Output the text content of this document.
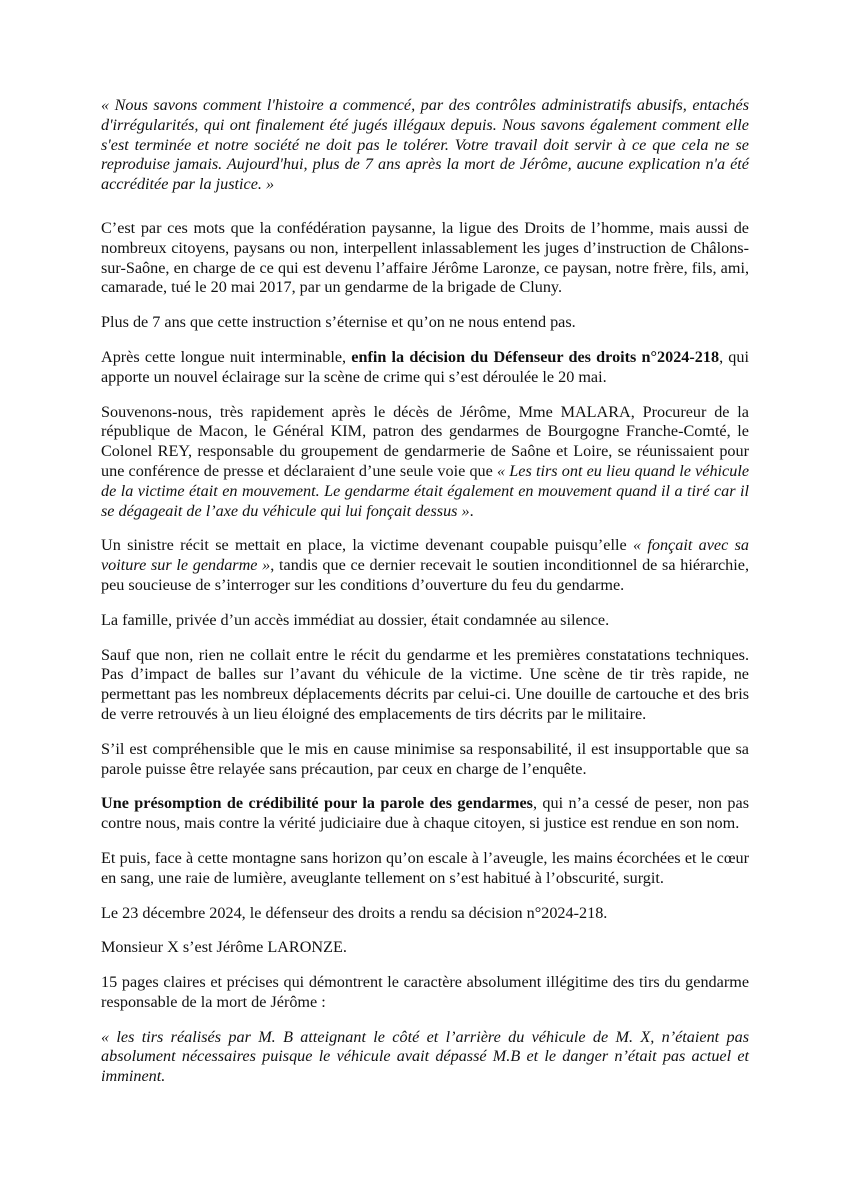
« Nous savons comment l'histoire a commencé, par des contrôles administratifs abusifs, entachés d'irrégularités, qui ont finalement été jugés illégaux depuis. Nous savons également comment elle s'est terminée et notre société ne doit pas le tolérer. Votre travail doit servir à ce que cela ne se reproduise jamais. Aujourd'hui, plus de 7 ans après la mort de Jérôme, aucune explication n'a été accréditée par la justice. »

C’est par ces mots que la confédération paysanne, la ligue des Droits de l’homme, mais aussi de nombreux citoyens, paysans ou non, interpellent inlassablement les juges d’instruction de Châlons-sur-Saône, en charge de ce qui est devenu l’affaire Jérôme Laronze, ce paysan, notre frère, fils, ami, camarade, tué le 20 mai 2017, par un gendarme de la brigade de Cluny.

Plus de 7 ans que cette instruction s’éternise et qu’on ne nous entend pas.

Après cette longue nuit interminable, enfin la décision du Défenseur des droits n°2024-218, qui apporte un nouvel éclairage sur la scène de crime qui s’est déroulée le 20 mai.

Souvenons-nous, très rapidement après le décès de Jérôme, Mme MALARA, Procureur de la république de Macon, le Général KIM, patron des gendarmes de Bourgogne Franche-Comté, le Colonel REY, responsable du groupement de gendarmerie de Saône et Loire, se réunissaient pour une conférence de presse et déclaraient d’une seule voie que « Les tirs ont eu lieu quand le véhicule de la victime était en mouvement. Le gendarme était également en mouvement quand il a tiré car il se dégageait de l’axe du véhicule qui lui fonçait dessus ».

Un sinistre récit se mettait en place, la victime devenant coupable puisqu’elle « fonçait avec sa voiture sur le gendarme », tandis que ce dernier recevait le soutien inconditionnel de sa hiérarchie, peu soucieuse de s’interroger sur les conditions d’ouverture du feu du gendarme.

La famille, privée d’un accès immédiat au dossier, était condamnée au silence.

Sauf que non, rien ne collait entre le récit du gendarme et les premières constatations techniques. Pas d’impact de balles sur l’avant du véhicule de la victime. Une scène de tir très rapide, ne permettant pas les nombreux déplacements décrits par celui-ci. Une douille de cartouche et des bris de verre retrouvés à un lieu éloigné des emplacements de tirs décrits par le militaire.

S’il est compréhensible que le mis en cause minimise sa responsabilité, il est insupportable que sa parole puisse être relayée sans précaution, par ceux en charge de l’enquête.

Une présomption de crédibilité pour la parole des gendarmes, qui n’a cessé de peser, non pas contre nous, mais contre la vérité judiciaire due à chaque citoyen, si justice est rendue en son nom.

Et puis, face à cette montagne sans horizon qu’on escale à l’aveugle, les mains écorchées et le cœur en sang, une raie de lumière, aveuglante tellement on s’est habitué à l’obscurité, surgit.

Le 23 décembre 2024, le défenseur des droits a rendu sa décision n°2024-218.

Monsieur X s’est Jérôme LARONZE.

15 pages claires et précises qui démontrent le caractère absolument illégitime des tirs du gendarme responsable de la mort de Jérôme :

« les tirs réalisés par M. B atteignant le côté et l’arrière du véhicule de M. X, n’étaient pas absolument nécessaires puisque le véhicule avait dépassé M.B et le danger n’était pas actuel et imminent.
